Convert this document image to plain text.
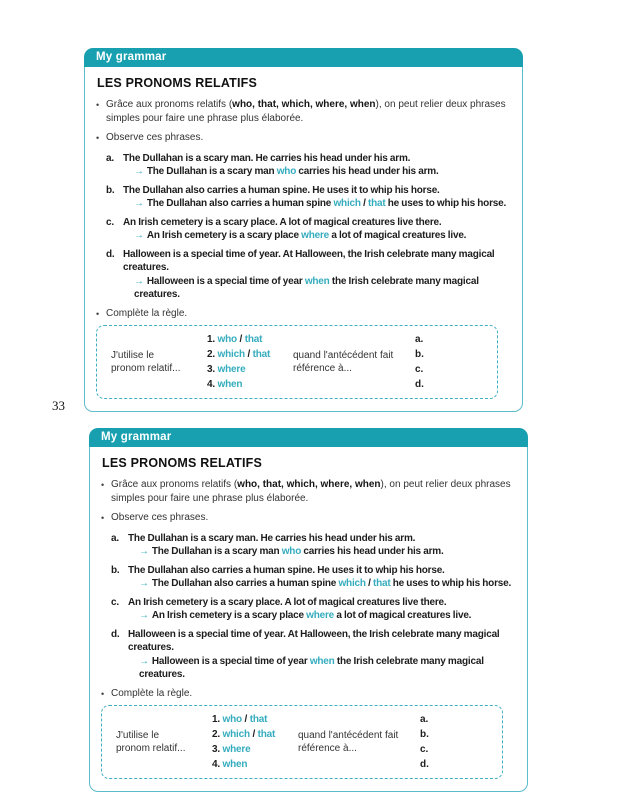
My grammar
LES PRONOMS RELATIFS
• Grâce aux pronoms relatifs (who, that, which, where, when), on peut relier deux phrases simples pour faire une phrase plus élaborée.
• Observe ces phrases.
a. The Dullahan is a scary man. He carries his head under his arm.
→ The Dullahan is a scary man who carries his head under his arm.
b. The Dullahan also carries a human spine. He uses it to whip his horse.
→ The Dullahan also carries a human spine which / that he uses to whip his horse.
c. An Irish cemetery is a scary place. A lot of magical creatures live there.
→ An Irish cemetery is a scary place where a lot of magical creatures live.
d. Halloween is a special time of year. At Halloween, the Irish celebrate many magical creatures.
→ Halloween is a special time of year when the Irish celebrate many magical creatures.
• Complète la règle.
J'utilise le
pronom relatif...
1. who / that
2. which / that
3. where
4. when
quand l'antécédent fait
référence à...
a.
b.
c.
d.
33
My grammar
LES PRONOMS RELATIFS
• Grâce aux pronoms relatifs (who, that, which, where, when), on peut relier deux phrases simples pour faire une phrase plus élaborée.
• Observe ces phrases.
a. The Dullahan is a scary man. He carries his head under his arm.
→ The Dullahan is a scary man who carries his head under his arm.
b. The Dullahan also carries a human spine. He uses it to whip his horse.
→ The Dullahan also carries a human spine which / that he uses to whip his horse.
c. An Irish cemetery is a scary place. A lot of magical creatures live there.
→ An Irish cemetery is a scary place where a lot of magical creatures live.
d. Halloween is a special time of year. At Halloween, the Irish celebrate many magical creatures.
→ Halloween is a special time of year when the Irish celebrate many magical creatures.
• Complète la règle.
J'utilise le
pronom relatif...
1. who / that
2. which / that
3. where
4. when
quand l'antécédent fait
référence à...
a.
b.
c.
d.
